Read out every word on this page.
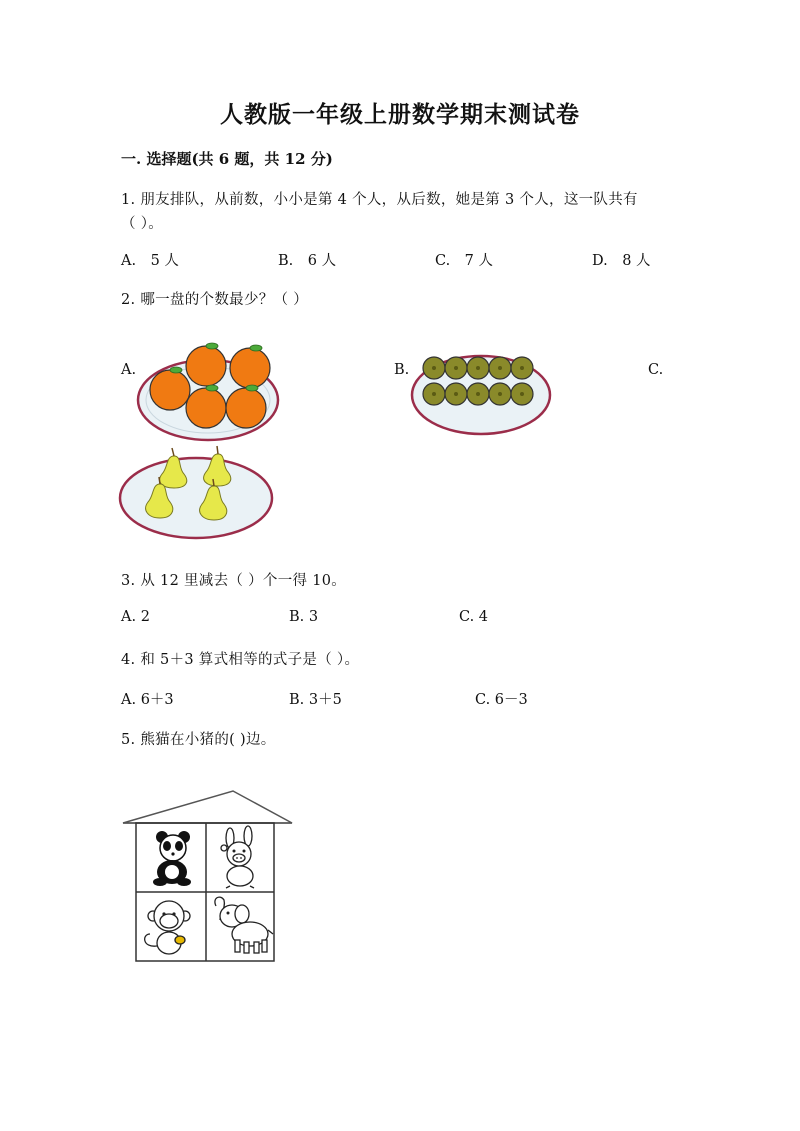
人教版一年级上册数学期末测试卷
一. 选择题(共 6 题，共 12 分)
1. 朋友排队，从前数，小小是第 4 个人，从后数，她是第 3 个人，这一队共有
（ ）。
A.　5 人	B.　6 人	C.　7 人	D.　8 人
2. 哪一盘的个数最少？（ ）
A.	B.	C.
3. 从 12 里减去（ ）个一得 10。
A. 2	B. 3	C. 4
4. 和 5＋3 算式相等的式子是（ ）。
A. 6＋3	B. 3＋5	C. 6－3
5. 熊猫在小猪的( )边。
